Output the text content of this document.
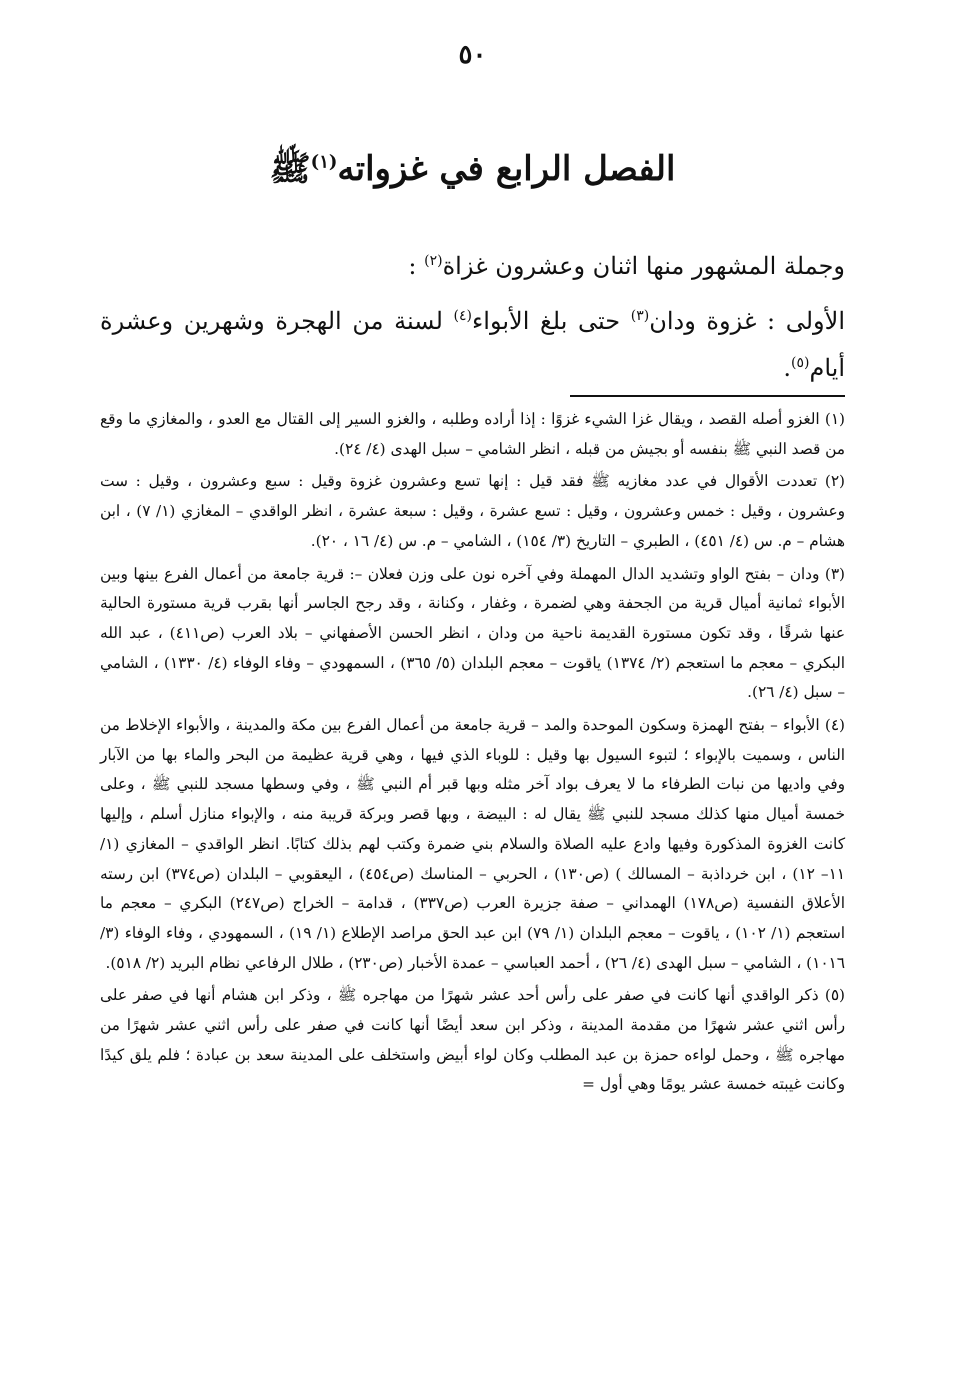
٥٠
الفصل الرابع في غزواته$^{(١)}$ﷺ

وجملة المشهور منها اثنان وعشرون غزاة$^{(٢)}$ :

الأولى : غزوة ودان$^{(٣)}$ حتى بلغ الأبواء$^{(٤)}$ لسنة من الهجرة وشهرين وعشرة أيام$^{(٥)}$.

(١) الغزو أصله القصد ، ويقال غزا الشيء غزوًا : إذا أراده وطلبه ، والغزو السير إلى القتال مع العدو ، والمغازي ما وقع من قصد النبي ﷺ بنفسه أو بجيش من قبله ، انظر الشامي – سبل الهدى (٤/ ٢٤).

(٢) تعددت الأقوال في عدد مغازيه ﷺ فقد قيل : إنها تسع وعشرون غزوة وقيل : سبع وعشرون ، وقيل : ست وعشرون ، وقيل : خمس وعشرون ، وقيل : تسع عشرة ، وقيل : سبعة عشرة ، انظر الواقدي – المغازي (١/ ٧) ، ابن هشام – م. س (٤/ ٤٥١) ، الطبري – التاريخ (٣/ ١٥٤) ، الشامي – م. س (٤/ ١٦ ، ٢٠).

(٣) ودان – بفتح الواو وتشديد الدال المهملة وفي آخره نون على وزن فعلان –: قرية جامعة من أعمال الفرع بينها وبين الأبواء ثمانية أميال قرية من الجحفة وهي لضمرة ، وغفار ، وكنانة ، وقد رجح الجاسر أنها بقرب قرية مستورة الحالية عنها شرقًا ، وقد تكون مستورة القديمة ناحية من ودان ، انظر الحسن الأصفهاني – بلاد العرب (ص٤١١) ، عبد الله البكري – معجم ما استعجم (٢/ ١٣٧٤) ياقوت – معجم البلدان (٥/ ٣٦٥) ، السمهودي – وفاء الوفاء (٤/ ١٣٣٠) ، الشامي – سبل (٤/ ٢٦).

(٤) الأبواء – بفتح الهمزة وسكون الموحدة والمد – قرية جامعة من أعمال الفرع بين مكة والمدينة ، والأبواء الإخلاط من الناس ، وسميت بالإبواء ؛ لتبوء السيول بها وقيل : للوباء الذي فيها ، وهي قرية عظيمة من البحر والماء بها من الآبار وفي واديها من نبات الطرفاء ما لا يعرف بواد آخر مثله وبها قبر أم النبي ﷺ ، وفي وسطها مسجد للنبي ﷺ ، وعلى خمسة أميال منها كذلك مسجد للنبي ﷺ يقال له : البيضة ، وبها قصر وبركة قريبة منه ، والإبواء منازل أسلم ، وإليها كانت الغزوة المذكورة وفيها وادع عليه الصلاة والسلام بني ضمرة وكتب لهم بذلك كتابًا. انظر الواقدي – المغازي (١/ ١١– ١٢) ، ابن خرداذبة – المسالك ) (ص١٣٠) ، الحربي – المناسك (ص٤٥٤) ، اليعقوبي – البلدان (ص٣٧٤) ابن رسته الأعلاق النفسية (ص١٧٨) الهمداني – صفة جزيرة العرب (ص٣٣٧) ، قدامة – الخراج (ص٢٤٧) البكري – معجم ما استعجم (١/ ١٠٢) ، ياقوت – معجم البلدان (١/ ٧٩) ابن عبد الحق مراصد الإطلاع (١/ ١٩) ، السمهودي ، وفاء الوفاء (٣/ ١٠١٦) ، الشامي – سبل الهدى (٤/ ٢٦) ، أحمد العباسي – عمدة الأخبار (ص٢٣٠) ، طلال الرفاعي نظام البريد (٢/ ٥١٨).

(٥) ذكر الواقدي أنها كانت في صفر على رأس أحد عشر شهرًا من مهاجره ﷺ ، وذكر ابن هشام أنها في صفر على رأس اثني عشر شهرًا من مقدمة المدينة ، وذكر ابن سعد أيضًا أنها كانت في صفر على رأس اثني عشر شهرًا من مهاجره ﷺ ، وحمل لواءه حمزة بن عبد المطلب وكان لواء أبيض واستخلف على المدينة سعد بن عبادة ؛ فلم يلق كيدًا وكانت غيبته خمسة عشر يومًا وهي أول =
